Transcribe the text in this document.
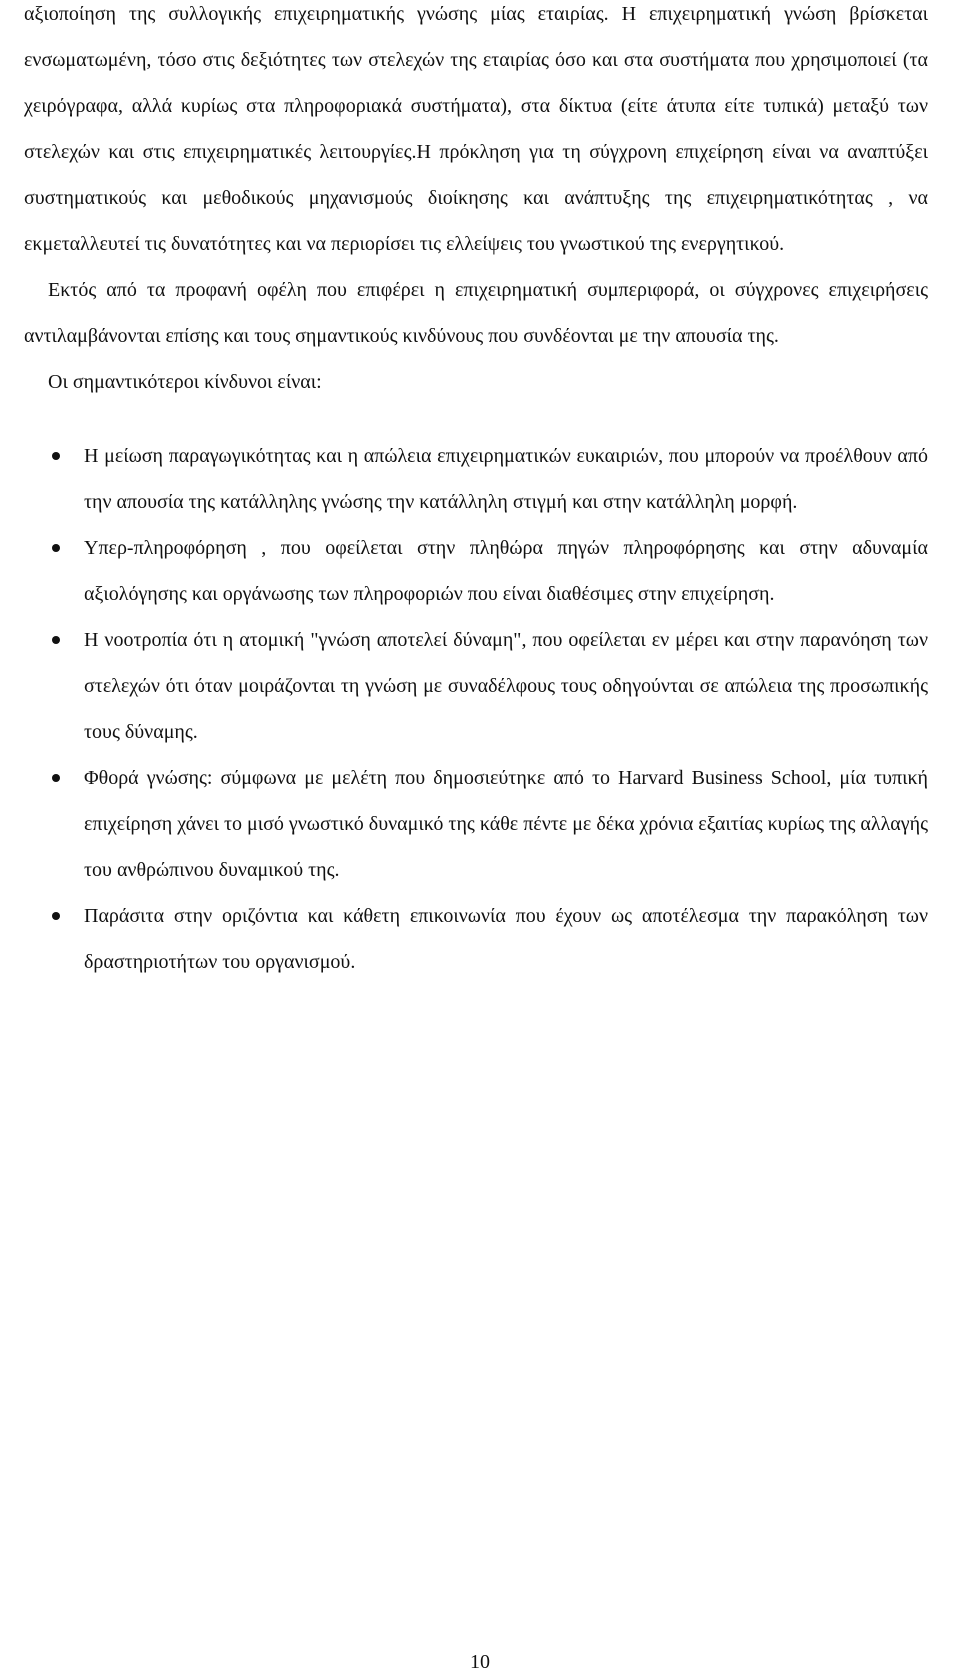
αξιοποίηση της συλλογικής επιχειρηματικής γνώσης μίας εταιρίας. Η επιχειρηματική γνώση βρίσκεται ενσωματωμένη, τόσο στις δεξιότητες των στελεχών της εταιρίας όσο και στα συστήματα που χρησιμοποιεί (τα χειρόγραφα, αλλά κυρίως στα πληροφοριακά συστήματα), στα δίκτυα (είτε άτυπα είτε τυπικά) μεταξύ των στελεχών και στις επιχειρηματικές λειτουργίες.Η πρόκληση για τη σύγχρονη επιχείρηση είναι να αναπτύξει συστηματικούς και μεθοδικούς μηχανισμούς διοίκησης και ανάπτυξης της επιχειρηματικότητας , να εκμεταλλευτεί τις δυνατότητες και να περιορίσει τις ελλείψεις του γνωστικού της ενεργητικού.

Εκτός από τα προφανή οφέλη που επιφέρει η επιχειρηματική συμπεριφορά, οι σύγχρονες επιχειρήσεις αντιλαμβάνονται επίσης και τους σημαντικούς κινδύνους που συνδέονται με την απουσία της.

Οι σημαντικότεροι κίνδυνοι είναι:

Η μείωση παραγωγικότητας και η απώλεια επιχειρηματικών ευκαιριών, που μπορούν να προέλθουν από την απουσία της κατάλληλης γνώσης την κατάλληλη στιγμή και στην κατάλληλη μορφή.
Υπερ-πληροφόρηση , που οφείλεται στην πληθώρα πηγών πληροφόρησης και στην αδυναμία αξιολόγησης και οργάνωσης των πληροφοριών που είναι διαθέσιμες στην επιχείρηση.
Η νοοτροπία ότι η ατομική "γνώση αποτελεί δύναμη", που οφείλεται εν μέρει και στην παρανόηση των στελεχών ότι όταν μοιράζονται τη γνώση με συναδέλφους τους οδηγούνται σε απώλεια της προσωπικής τους δύναμης.
Φθορά γνώσης: σύμφωνα με μελέτη που δημοσιεύτηκε από το Harvard Business School, μία τυπική επιχείρηση χάνει το μισό γνωστικό δυναμικό της κάθε πέντε με δέκα χρόνια εξαιτίας κυρίως της αλλαγής του ανθρώπινου δυναμικού της.
Παράσιτα στην οριζόντια και κάθετη επικοινωνία που έχουν ως αποτέλεσμα την παρακόληση των δραστηριοτήτων του οργανισμού.
10
